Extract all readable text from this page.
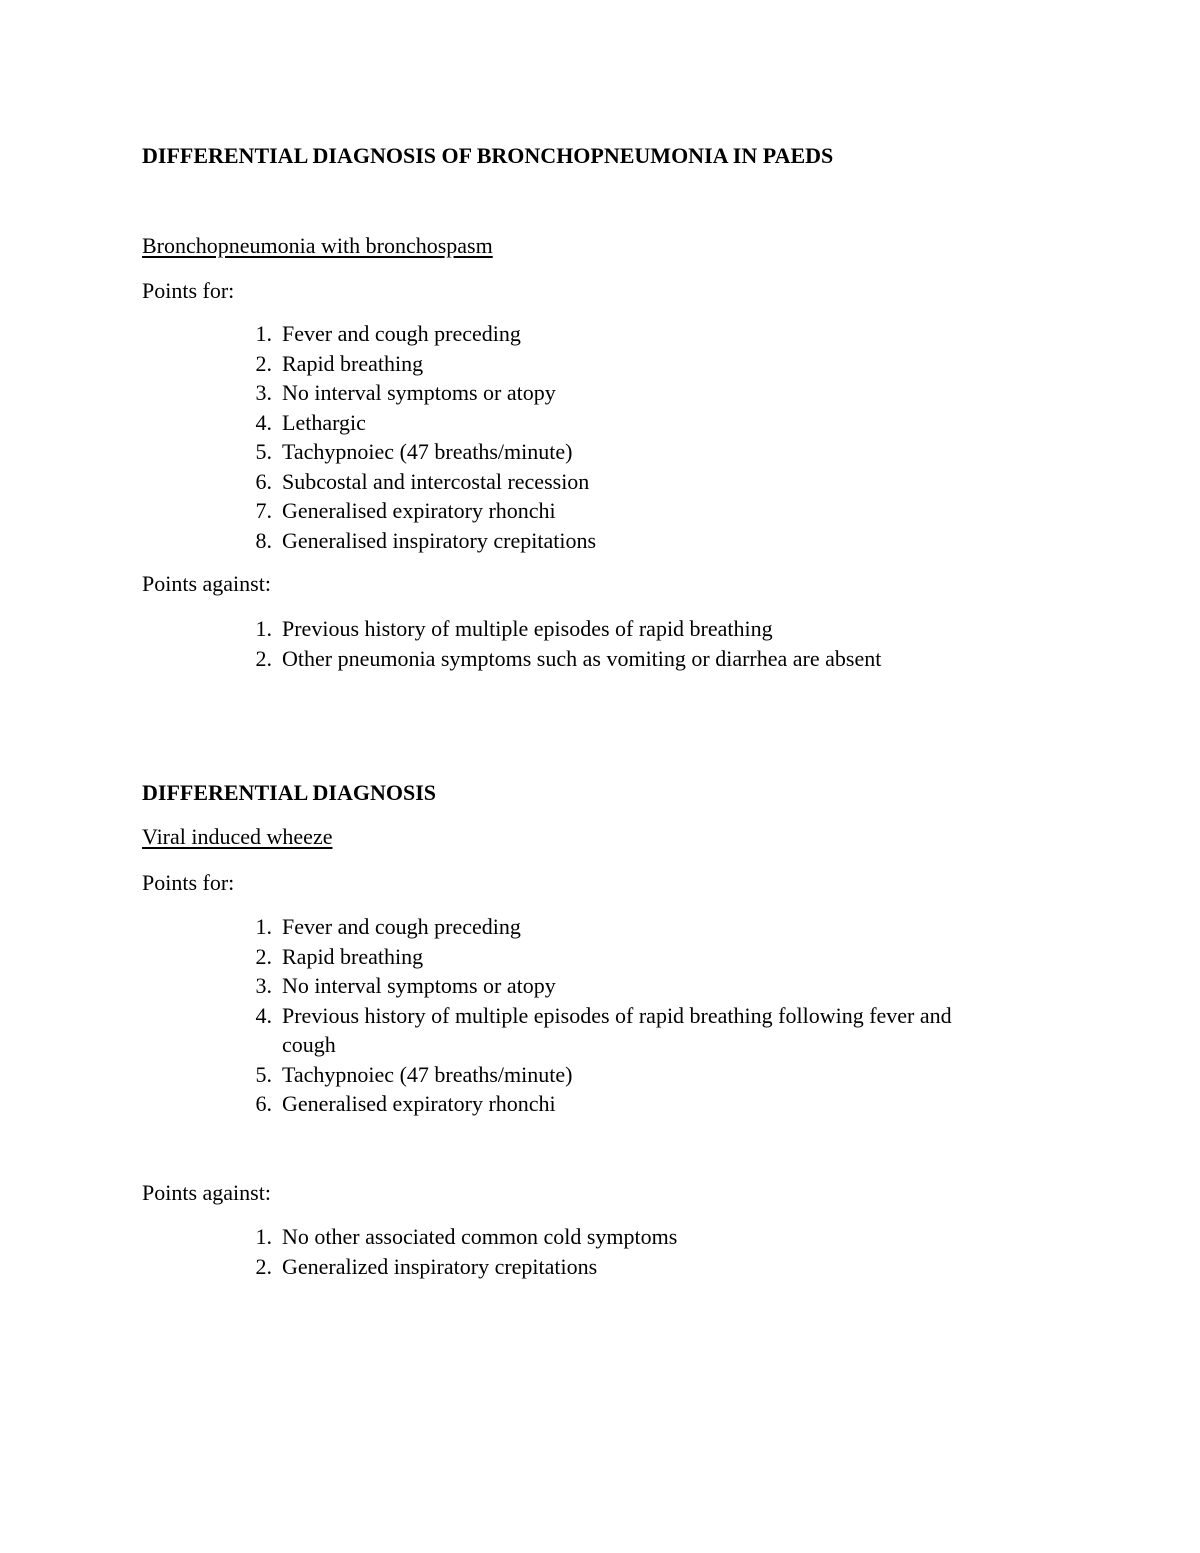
DIFFERENTIAL DIAGNOSIS OF BRONCHOPNEUMONIA IN PAEDS
Bronchopneumonia with bronchospasm
Points for:
1. Fever and cough preceding
2. Rapid breathing
3. No interval symptoms or atopy
4. Lethargic
5. Tachypnoiec (47 breaths/minute)
6. Subcostal and intercostal recession
7. Generalised expiratory rhonchi
8. Generalised inspiratory crepitations
Points against:
1. Previous history of multiple episodes of rapid breathing
2. Other pneumonia symptoms such as vomiting or diarrhea are absent
DIFFERENTIAL DIAGNOSIS
Viral induced wheeze
Points for:
1. Fever and cough preceding
2. Rapid breathing
3. No interval symptoms or atopy
4. Previous history of multiple episodes of rapid breathing following fever and cough
5. Tachypnoiec (47 breaths/minute)
6. Generalised expiratory rhonchi
Points against:
1. No other associated common cold symptoms
2. Generalized inspiratory crepitations
